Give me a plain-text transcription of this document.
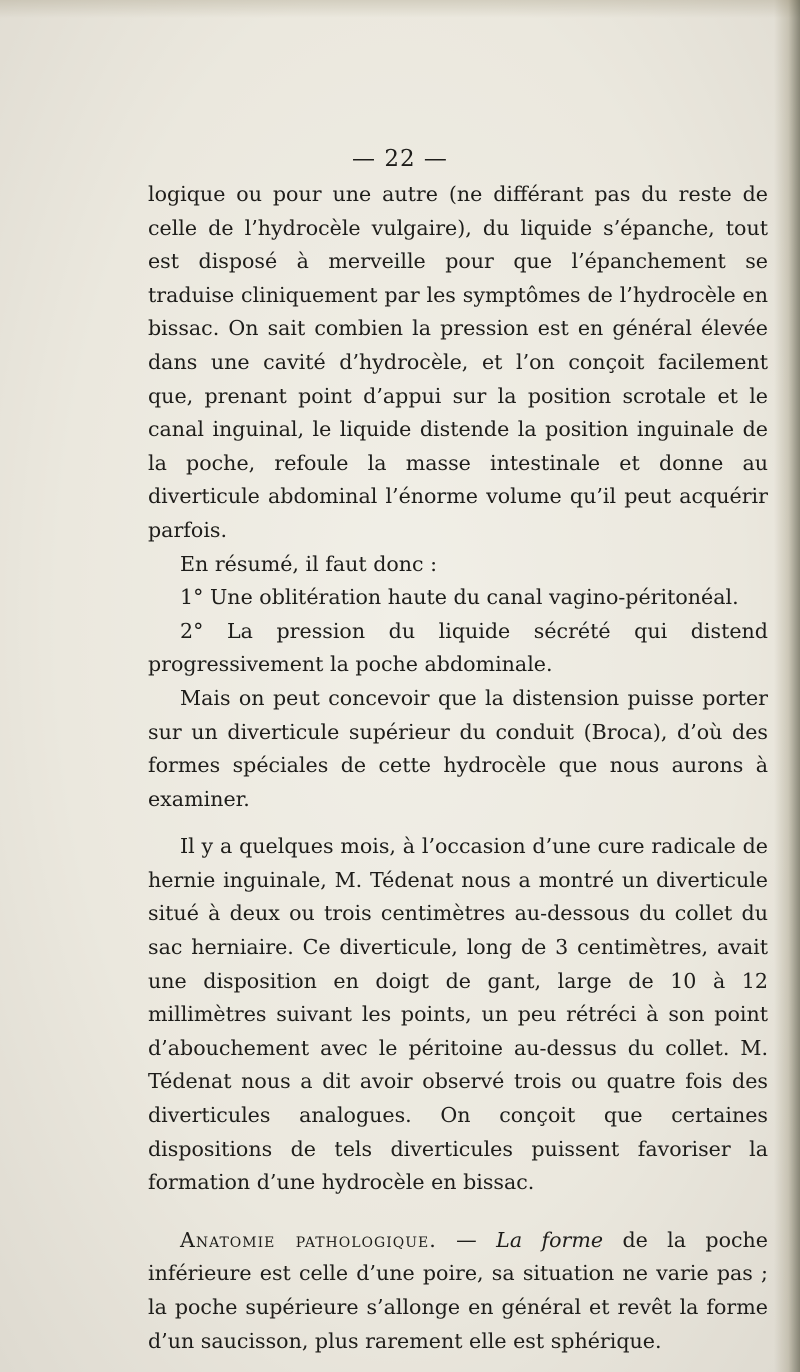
— 22 —

logique ou pour une autre (ne différant pas du reste de celle de l’hydrocèle vulgaire), du liquide s’épanche, tout est disposé à merveille pour que l’épanchement se traduise cliniquement par les symptômes de l’hydrocèle en bissac. On sait combien la pression est en général élevée dans une cavité d’hydrocèle, et l’on conçoit facilement que, prenant point d’appui sur la position scrotale et le canal inguinal, le liquide distende la position inguinale de la poche, refoule la masse intestinale et donne au diverticule abdominal l’énorme volume qu’il peut acquérir parfois.

En résumé, il faut donc :

1° Une oblitération haute du canal vagino-péritonéal.

2° La pression du liquide sécrété qui distend progressivement la poche abdominale.

Mais on peut concevoir que la distension puisse porter sur un diverticule supérieur du conduit (Broca), d’où des formes spéciales de cette hydrocèle que nous aurons à examiner.

Il y a quelques mois, à l’occasion d’une cure radicale de hernie inguinale, M. Tédenat nous a montré un diverticule situé à deux ou trois centimètres au-dessous du collet du sac herniaire. Ce diverticule, long de 3 centimètres, avait une disposition en doigt de gant, large de 10 à 12 millimètres suivant les points, un peu rétréci à son point d’abouchement avec le péritoine au-dessus du collet. M. Tédenat nous a dit avoir observé trois ou quatre fois des diverticules analogues. On conçoit que certaines dispositions de tels diverticules puissent favoriser la formation d’une hydrocèle en bissac.

Anatomie pathologique. — La forme de la poche inférieure est celle d’une poire, sa situation ne varie pas ; la poche supérieure s’allonge en général et revêt la forme d’un saucisson, plus rarement elle est sphérique.
